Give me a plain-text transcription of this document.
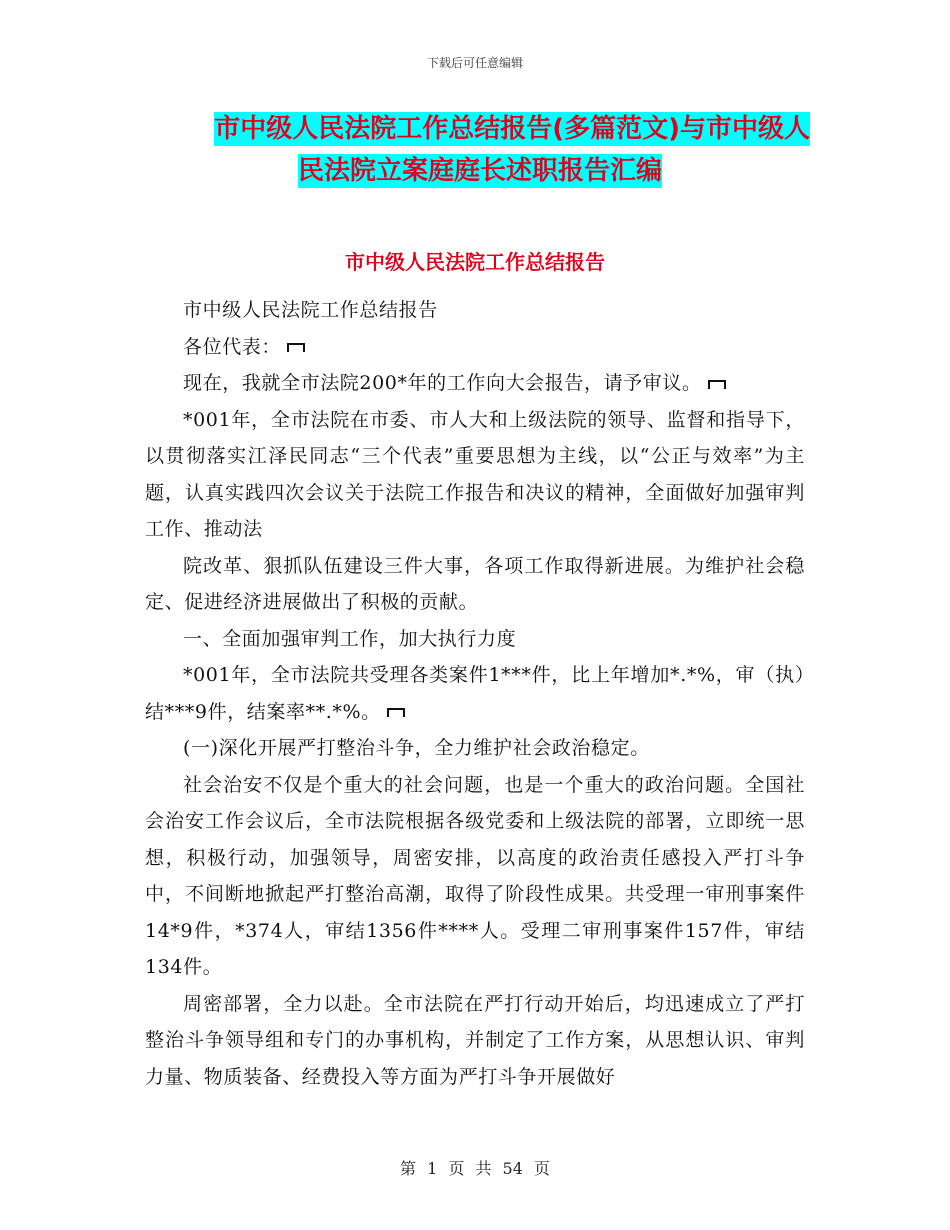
下载后可任意编辑
市中级人民法院工作总结报告(多篇范文)与市中级人
民法院立案庭庭长述职报告汇编
市中级人民法院工作总结报告

市中级人民法院工作总结报告

各位代表：

现在，我就全市法院200*年的工作向大会报告，请予审议。

*001年，全市法院在市委、市人大和上级法院的领导、监督和指导下，以贯彻落实江泽民同志“三个代表”重要思想为主线，以“公正与效率”为主题，认真实践四次会议关于法院工作报告和决议的精神，全面做好加强审判工作、推动法

院改革、狠抓队伍建设三件大事，各项工作取得新进展。为维护社会稳定、促进经济进展做出了积极的贡献。

一、全面加强审判工作，加大执行力度

*001年，全市法院共受理各类案件1***件，比上年增加*.*%，审（执）结***9件，结案率**.*%。

(一)深化开展严打整治斗争，全力维护社会政治稳定。

社会治安不仅是个重大的社会问题，也是一个重大的政治问题。全国社会治安工作会议后，全市法院根据各级党委和上级法院的部署，立即统一思想，积极行动，加强领导，周密安排，以高度的政治责任感投入严打斗争中，不间断地掀起严打整治高潮，取得了阶段性成果。共受理一审刑事案件14*9件，*374人，审结1356件****人。受理二审刑事案件157件，审结134件。

周密部署，全力以赴。全市法院在严打行动开始后，均迅速成立了严打整治斗争领导组和专门的办事机构，并制定了工作方案，从思想认识、审判力量、物质装备、经费投入等方面为严打斗争开展做好

第 1 页 共 54 页
